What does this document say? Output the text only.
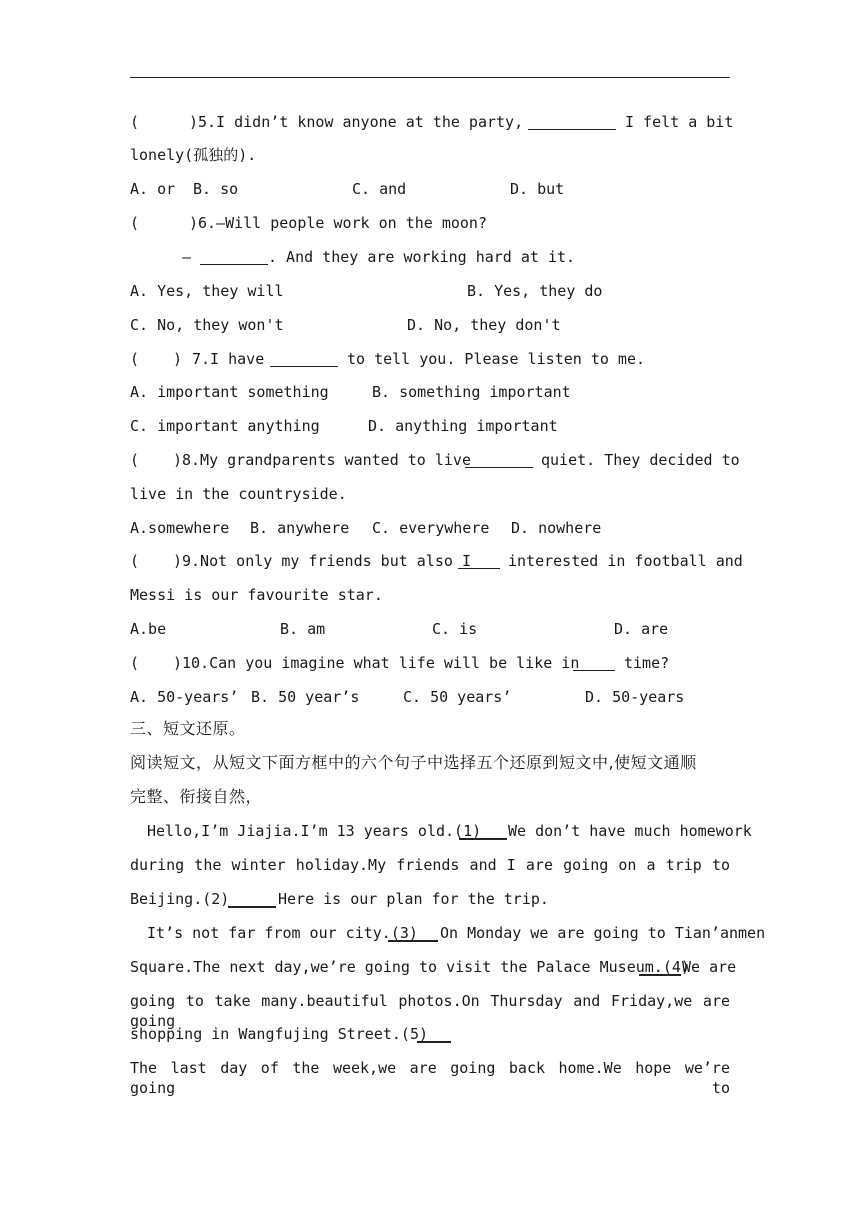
(

	)

5.I didn’t know anyone at the party,

	I felt a bit

lonely(孤独的).

A. or

B. so

	C. and

	D. but

(

	)

6.—Will people work on the moon?

—

	. And they are working hard at it.

A. Yes, they will

	B. Yes, they do

C. No, they won't

	D. No, they don't

(

)

7.I have

	to tell you. Please listen to me.

A. important something

	B. something important

C. important anything

	D. anything important

(

)

8.My grandparents wanted to live

	quiet. They decided to

live in the countryside.

A.somewhere

B. anywhere

C. everywhere

D. nowhere

(

)

9.Not only my friends but also I

interested in football and

Messi is our favourite star.

A.be

	B. am

	C. is

	D. are

(

)

10.Can you imagine what life will be like in

	time?

A. 50-years’

B. 50 year’s

	C. 50 years’

	D. 50-years

三、短文还原。
阅读短文，从短文下面方框中的六个句子中选择五个还原到短文中,使短文通顺
完整、衔接自然，

Hello,I’m Jiajia.I’m 13 years old.(1)

We don’t have much homework

during the winter holiday.My friends and I are going on a trip to

Beijing.(2)

	Here is our plan for the trip.

It’s not far from our city.(3)

On Monday we are going to Tian’anmen

Square.The next day,we’re going to visit the Palace Museum.(4)

We are

going to take many.beautiful photos.On Thursday and Friday,we are going

shopping in Wangfujing Street.(5)

The last day of the week,we are going back home.We hope we’re going to
